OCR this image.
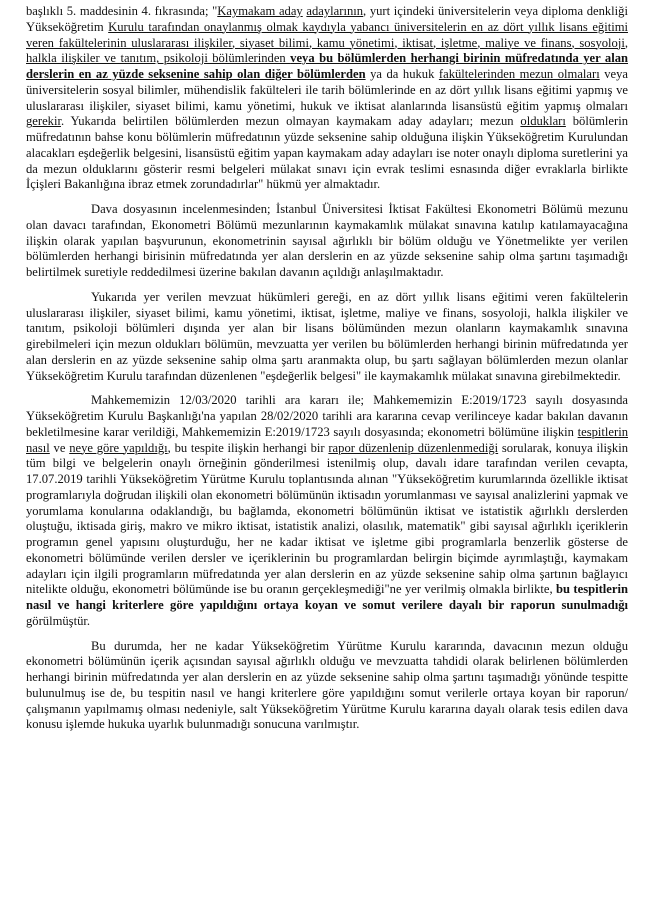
başlıklı 5. maddesinin 4. fıkrasında; "Kaymakam aday adaylarının, yurt içindeki üniversitelerin veya diploma denkliği Yükseköğretim Kurulu tarafından onaylanmış olmak kaydıyla yabancı üniversitelerin en az dört yıllık lisans eğitimi veren fakültelerinin uluslararası ilişkiler, siyaset bilimi, kamu yönetimi, iktisat, işletme, maliye ve finans, sosyoloji, halkla ilişkiler ve tanıtım, psikoloji bölümlerinden veya bu bölümlerden herhangi birinin müfredatında yer alan derslerin en az yüzde sekseninе sahip olan diğer bölümlerden ya da hukuk fakültelerinden mezun olmaları veya üniversitelerin sosyal bilimler, mühendislik fakülteleri ile tarih bölümlerinde en az dört yıllık lisans eğitimi yapmış ve uluslararası ilişkiler, siyaset bilimi, kamu yönetimi, hukuk ve iktisat alanlarında lisansüstü eğitim yapmış olmaları gerekir. Yukarıda belirtilen bölümlerden mezun olmayan kaymakam aday adayları; mezun oldukları bölümlerin müfredatının bahse konu bölümlerin müfredatının yüzde sekseninе sahip olduğuna ilişkin Yükseköğretim Kurulundan alacakları eşdeğerlik belgesini, lisansüstü eğitim yapan kaymakam aday adayları ise noter onaylı diploma suretlerini ya da mezun olduklarını gösterir resmi belgeleri mülakat sınavı için evrak teslimi esnasında diğer evraklarla birlikte İçişleri Bakanlığına ibraz etmek zorundadırlar" hükmü yer almaktadır.

Dava dosyasının incelenmesinden; İstanbul Üniversitesi İktisat Fakültesi Ekonometri Bölümü mezunu olan davacı tarafından, Ekonometri Bölümü mezunlarının kaymakamlık mülakat sınavına katılıp katılamayacağına ilişkin olarak yapılan başvurunun, ekonometrinin sayısal ağırlıklı bir bölüm olduğu ve Yönetmelikte yer verilen bölümlerden herhangi birisinin müfredatında yer alan derslerin en az yüzde sekseninе sahip olma şartını taşımadığı belirtilmek suretiyle reddedilmesi üzerine bakılan davanın açıldığı anlaşılmaktadır.

Yukarıda yer verilen mevzuat hükümleri gereği, en az dört yıllık lisans eğitimi veren fakültelerin uluslararası ilişkiler, siyaset bilimi, kamu yönetimi, iktisat, işletme, maliye ve finans, sosyoloji, halkla ilişkiler ve tanıtım, psikoloji bölümleri dışında yer alan bir lisans bölümünden mezun olanların kaymakamlık sınavına girebilmeleri için mezun oldukları bölümün, mevzuatta yer verilen bu bölümlerden herhangi birinin müfredatında yer alan derslerin en az yüzde sekseninе sahip olma şartı aranmakta olup, bu şartı sağlayan bölümlerden mezun olanlar Yükseköğretim Kurulu tarafından düzenlenen "eşdeğerlik belgesi" ile kaymakamlık mülakat sınavına girebilmektedir.

Mahkememizin 12/03/2020 tarihli ara kararı ile; Mahkememizin E:2019/1723 sayılı dosyasında Yükseköğretim Kurulu Başkanlığı'na yapılan 28/02/2020 tarihli ara kararına cevap verilinceye kadar bakılan davanın bekletilmesine karar verildiği, Mahkememizin E:2019/1723 sayılı dosyasında; ekonometri bölümüne ilişkin tespitlerin nasıl ve neye göre yapıldığı, bu tespite ilişkin herhangi bir rapor düzenlenip düzenlenmediği sorularak, konuya ilişkin tüm bilgi ve belgelerin onaylı örneğinin gönderilmesi istenilmiş olup, davalı idare tarafından verilen cevapta, 17.07.2019 tarihli Yükseköğretim Yürütme Kurulu toplantısında alınan "Yükseköğretim kurumlarında özellikle iktisat programlarıyla doğrudan ilişkili olan ekonometri bölümünün iktisadın yorumlanması ve sayısal analizlerini yapmak ve yorumlama konularına odaklandığı, bu bağlamda, ekonometri bölümünün iktisat ve istatistik ağırlıklı derslerden oluştuğu, iktisada giriş, makro ve mikro iktisat, istatistik analizi, olasılık, matematik" gibi sayısal ağırlıklı içeriklerin programın genel yapısını oluşturduğu, her ne kadar iktisat ve işletme gibi programlarla benzerlik gösterse de ekonometri bölümünde verilen dersler ve içeriklerinin bu programlardan belirgin biçimde ayrımlaştığı, kaymakam adayları için ilgili programların müfredatında yer alan derslerin en az yüzde sekseninе sahip olma şartının bağlayıcı nitelikte olduğu, ekonometri bölümünde ise bu oranın gerçekleşmediği"ne yer verilmiş olmakla birlikte, bu tespitlerin nasıl ve hangi kriterlere göre yapıldığını ortaya koyan ve somut verilere dayalı bir raporun sunulmadığı görülmüştür.

Bu durumda, her ne kadar Yükseköğretim Yürütme Kurulu kararında, davacının mezun olduğu ekonometri bölümünün içerik açısından sayısal ağırlıklı olduğu ve mevzuatta tahdidi olarak belirlenen bölümlerden herhangi birinin müfredatında yer alan derslerin en az yüzde sekseninе sahip olma şartını taşımadığı yönünde tespitte bulunulmuş ise de, bu tespitin nasıl ve hangi kriterlere göre yapıldığını somut verilerle ortaya koyan bir raporun/çalışmanın yapılmamış olması nedeniyle, salt Yükseköğretim Yürütme Kurulu kararına dayalı olarak tesis edilen dava konusu işlemde hukuka uyarlık bulunmadığı sonucuna varılmıştır.
